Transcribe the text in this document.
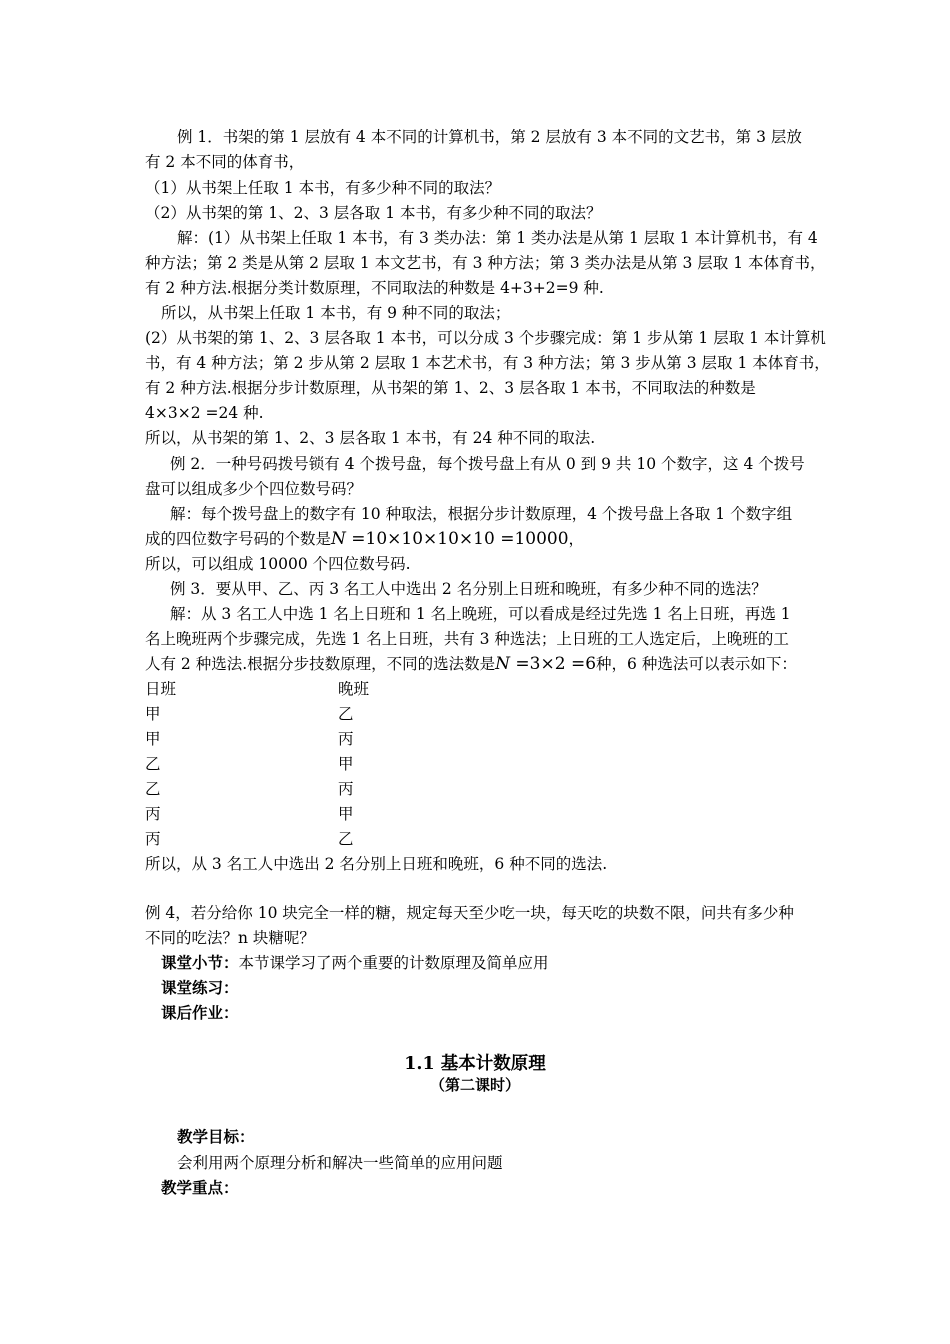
例 1．书架的第 1 层放有 4 本不同的计算机书，第 2 层放有 3 本不同的文艺书，第 3 层放
有 2 本不同的体育书，
（1）从书架上任取 1 本书，有多少种不同的取法？
（2）从书架的第 1、2、3 层各取 1 本书，有多少种不同的取法？
解：(1）从书架上任取 1 本书，有 3 类办法：第 1 类办法是从第 1 层取 1 本计算机书，有 4
种方法；第 2 类是从第 2 层取 1 本文艺书，有 3 种方法；第 3 类办法是从第 3 层取 1 本体育书，
有 2 种方法.根据分类计数原理，不同取法的种数是 4+3+2=9 种.
所以，从书架上任取 1 本书，有 9 种不同的取法；
(2）从书架的第 1、2、3 层各取 1 本书，可以分成 3 个步骤完成：第 1 步从第 1 层取 1 本计算机
书，有 4 种方法；第 2 步从第 2 层取 1 本艺术书，有 3 种方法；第 3 步从第 3 层取 1 本体育书，
有 2 种方法.根据分步计数原理，从书架的第 1、2、3 层各取 1 本书，不同取法的种数是
4×3×2 =24 种.
所以，从书架的第 1、2、3 层各取 1 本书，有 24 种不同的取法.
例 2．一种号码拨号锁有 4 个拨号盘，每个拨号盘上有从 0 到 9 共 10 个数字，这 4 个拨号
盘可以组成多少个四位数号码？
解：每个拨号盘上的数字有 10 种取法，根据分步计数原理，4 个拨号盘上各取 1 个数字组
成的四位数字号码的个数是N =10×10×10×10 =10000，
所以，可以组成 10000 个四位数号码.
例 3．要从甲、乙、丙 3 名工人中选出 2 名分别上日班和晚班，有多少种不同的选法？
解：从 3 名工人中选 1 名上日班和 1 名上晚班，可以看成是经过先选 1 名上日班，再选 1
名上晚班两个步骤完成，先选 1 名上日班，共有 3 种选法；上日班的工人选定后，上晚班的工
人有 2 种选法.根据分步技数原理，不同的选法数是N =3×2 =6种，6 种选法可以表示如下：
日班	晚班
甲	乙
甲	丙
乙	甲
乙	丙
丙	甲
丙	乙
所以，从 3 名工人中选出 2 名分别上日班和晚班，6 种不同的选法.
例 4，若分给你 10 块完全一样的糖，规定每天至少吃一块，每天吃的块数不限，问共有多少种
不同的吃法？n 块糖呢？
课堂小节：本节课学习了两个重要的计数原理及简单应用
课堂练习：
课后作业：
1.1 基本计数原理
（第二课时）
教学目标：
会利用两个原理分析和解决一些简单的应用问题
教学重点：
